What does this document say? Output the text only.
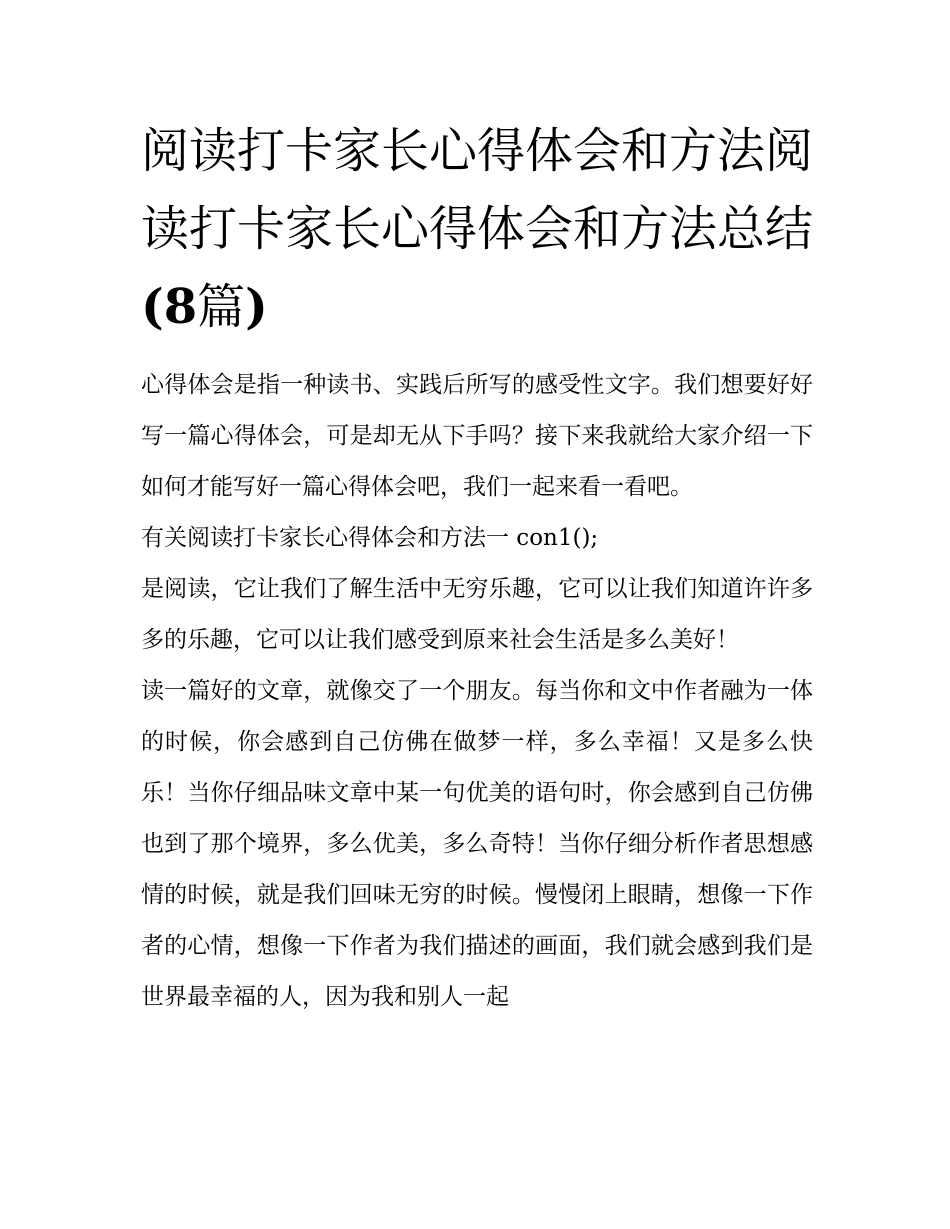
阅读打卡家长心得体会和方法阅读打卡家长心得体会和方法总结(8篇)

心得体会是指一种读书、实践后所写的感受性文字。我们想要好好写一篇心得体会，可是却无从下手吗？接下来我就给大家介绍一下如何才能写好一篇心得体会吧，我们一起来看一看吧。

有关阅读打卡家长心得体会和方法一 con1();

是阅读，它让我们了解生活中无穷乐趣，它可以让我们知道许许多多的乐趣，它可以让我们感受到原来社会生活是多么美好！

读一篇好的文章，就像交了一个朋友。每当你和文中作者融为一体的时候，你会感到自己仿佛在做梦一样，多么幸福！又是多么快乐！当你仔细品味文章中某一句优美的语句时，你会感到自己仿佛也到了那个境界，多么优美，多么奇特！当你仔细分析作者思想感情的时候，就是我们回味无穷的时候。慢慢闭上眼睛，想像一下作者的心情，想像一下作者为我们描述的画面，我们就会感到我们是世界最幸福的人，因为我和别人一起
